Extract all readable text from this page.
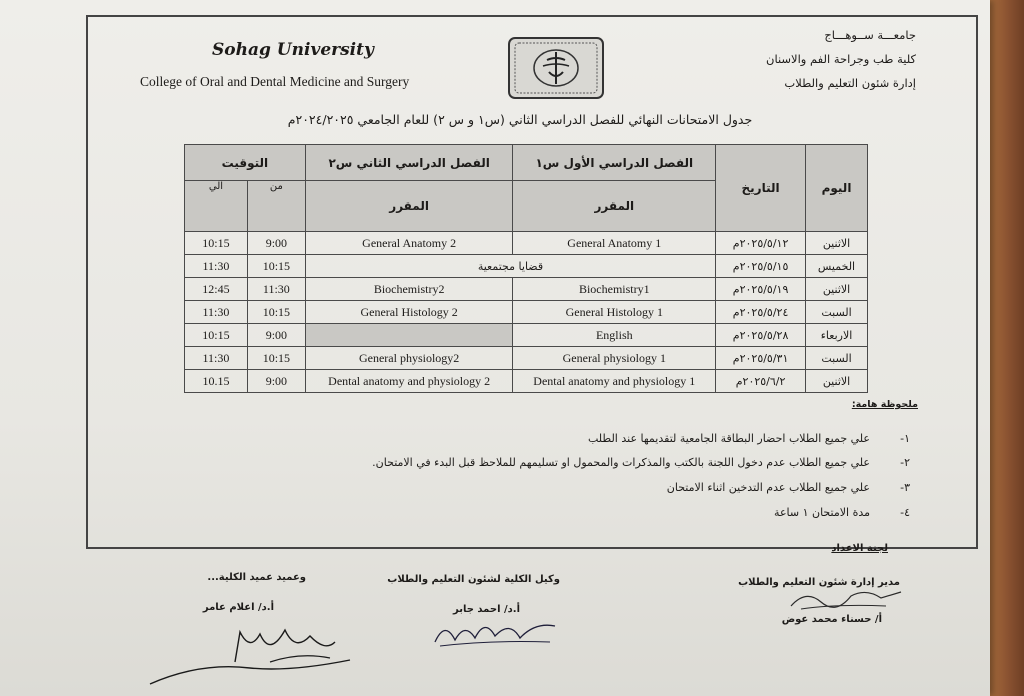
Sohag University
College of Oral and Dental Medicine and Surgery
جامعـــة ســوهـــاج
كلية طب وجراحة الفم والاسنان
إدارة شئون التعليم والطلاب
جدول الامتحانات النهائي للفصل الدراسي الثاني (س١ و س ٢) للعام الجامعي ٢٠٢٤/٢٠٢٥م
التوقيت		الفصل الدراسي الثاني س٢	الفصل الدراسي الأول س١	التاريخ	اليوم
الي	من	المقرر	المقرر		

10:15	9:00	General Anatomy 2	General Anatomy 1	٢٠٢٥/٥/١٢م	الاثنين
11:30	10:15	قضايا مجتمعية		٢٠٢٥/٥/١٥م	الخميس
12:45	11:30	Biochemistry2	Biochemistry1	٢٠٢٥/٥/١٩م	الاثنين
11:30	10:15	General Histology 2	General Histology 1	٢٠٢٥/٥/٢٤م	السبت
10:15	9:00		English	٢٠٢٥/٥/٢٨م	الاربعاء
11:30	10:15	General physiology2	General physiology 1	٢٠٢٥/٥/٣١م	السبت
10.15	9:00	Dental anatomy and physiology 2	Dental anatomy and physiology 1	٢٠٢٥/٦/٢م	الاثنين
ملحوظة هامة:
١-
علي جميع الطلاب احضار البطاقة الجامعية لتقديمها عند الطلب
٢-
علي جميع الطلاب عدم دخول اللجنة بالكتب والمذكرات والمحمول او تسليمهم للملاحظ قبل البدء في الامتحان.
٣-
علي جميع الطلاب عدم التدخين اثناء الامتحان
٤-
مدة الامتحان ١ ساعة
لجنة الاعداد
مدير إدارة شئون التعليم والطلاب
وكيل الكلية لشئون التعليم والطلاب
وعميد عميد الكلية...
أ/ حسناء محمد عوض
أ.د/ احمد جابر
أ.د/ اعلام عامر
